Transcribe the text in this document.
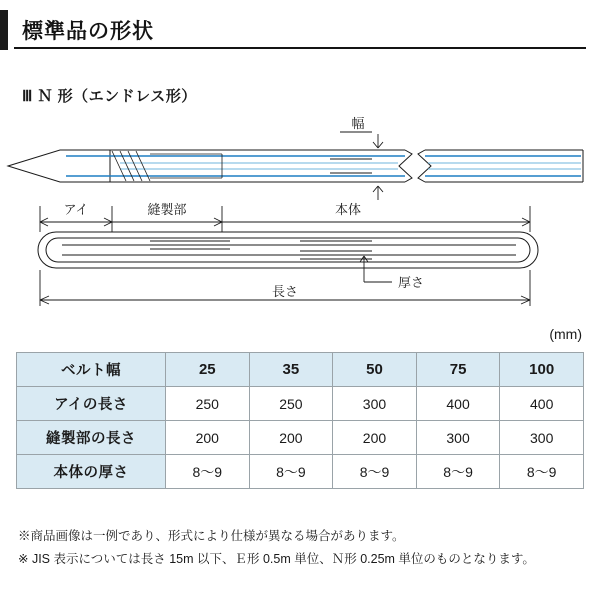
標準品の形状
Ⅲ Ｎ 形（エンドレス形）
幅
アイ	縫製部	本体
厚さ
長さ
(mm)
ベルト幅	25	35	50	75	100
アイの長さ	250	250	300	400	400
縫製部の長さ	200	200	200	300	300
本体の厚さ	8〜9	8〜9	8〜9	8〜9	8〜9
※商品画像は一例であり、形式により仕様が異なる場合があります。
※ JIS 表示については長さ 15m 以下、Ｅ形 0.5m 単位、Ｎ形 0.25m 単位のものとなります。
